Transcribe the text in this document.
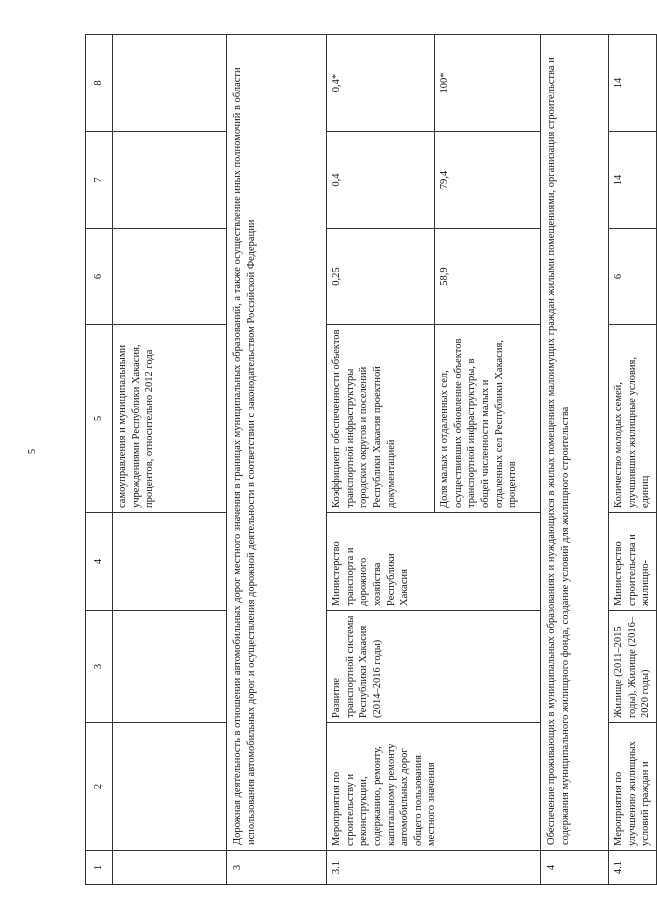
5
1	2	3	4	5	6	7	8
				самоуправления и муниципальными учреждениями Республики Хакасия, процентов, относительно 2012 года			
3	Дорожная деятельность в отношении автомобильных дорог местного значения в границах муниципальных образований, а также осуществление иных полномочий в области использования автомобильных дорог и осуществления дорожной деятельности в соответствии с законодательством Российской Федерации						
3.1	Мероприятия по строительству и реконструкции, содержанию, ремонту, капитальному ремонту автомобильных дорог общего пользования местного значения	Развитие транспортной системы Республики Хакасия (2014–2016 годы)	Министерство транспорта и дорожного хозяйства Республики Хакасия	Коэффициент обеспеченности объектов транспортной инфраструктуры городских округов и поселений Республики Хакасия проектной документацией	0,25	0,4	0,4*
				Доля малых и отдаленных сел, осуществивших обновление объектов транспортной инфраструктуры, в общей численности малых и отдаленных сел Республики Хакасия, процентов	58,9	79,4	100*
4	Обеспечение проживающих в муниципальных образованиях и нуждающихся в жилых помещениях малоимущих граждан жилыми помещениями, организация строительства и содержания муниципального жилищного фонда, создание условий для жилищного строительства						
4.1	Мероприятия по улучшению жилищных условий граждан и	Жилище (2011–2015 годы), Жилище (2016–2020 годы)	Министерство строительства и жилищно-	Количество молодых семей, улучшивших жилищные условия, единиц	6	14	14
